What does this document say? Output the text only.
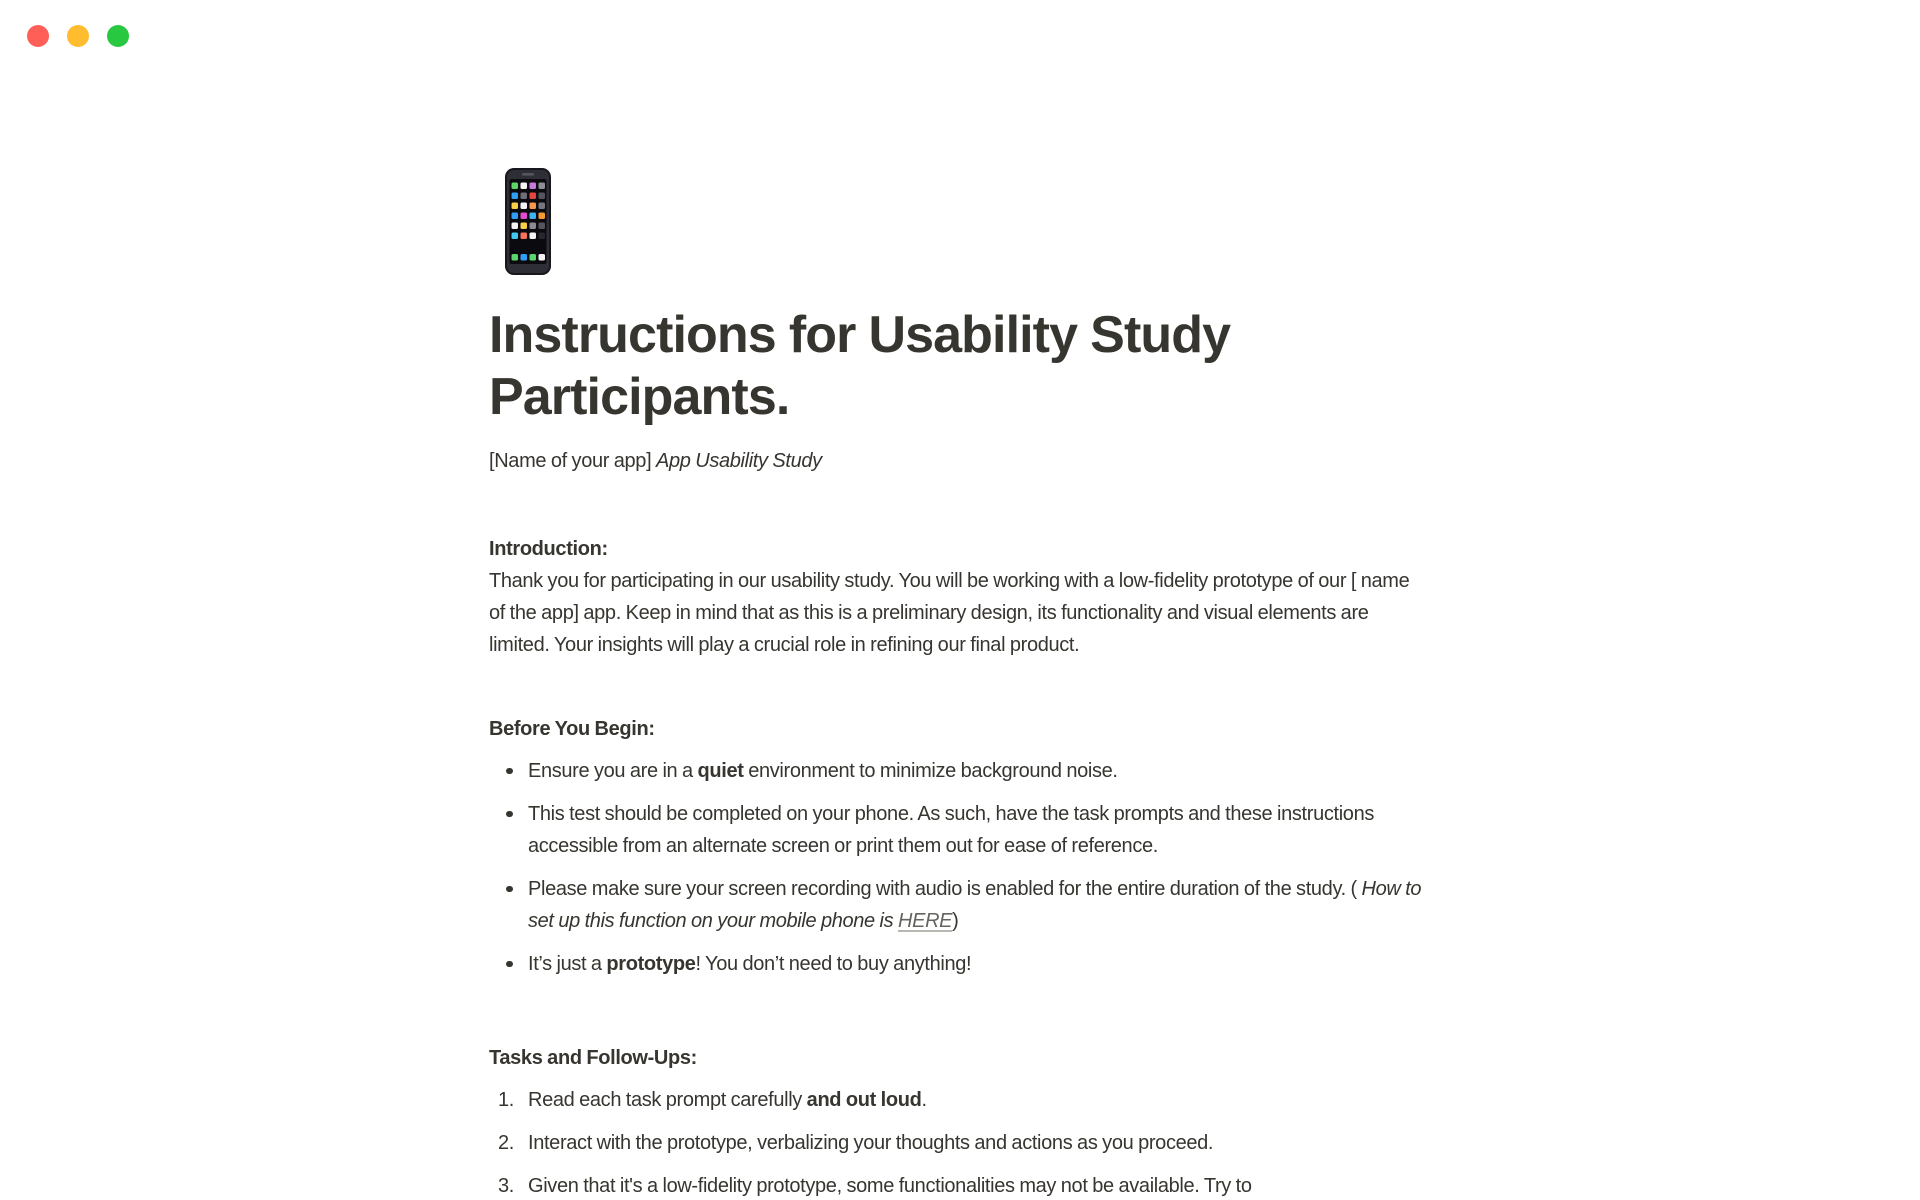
Instructions for Usability Study
Participants.

[Name of your app] App Usability Study

Introduction:

Thank you for participating in our usability study. You will be working with a low-fidelity prototype of our [ name of the app] app. Keep in mind that as this is a preliminary design, its functionality and visual elements are limited. Your insights will play a crucial role in refining our final product.

Before You Begin:

Ensure you are in a quiet environment to minimize background noise.
This test should be completed on your phone. As such, have the task prompts and these instructions accessible from an alternate screen or print them out for ease of reference.
Please make sure your screen recording with audio is enabled for the entire duration of the study. ( How to set up this function on your mobile phone is HERE)
It’s just a prototype! You don’t need to buy anything!

Tasks and Follow-Ups:

1. Read each task prompt carefully and out loud.
2. Interact with the prototype, verbalizing your thoughts and actions as you proceed.
3. Given that it's a low-fidelity prototype, some functionalities may not be available. Try to
